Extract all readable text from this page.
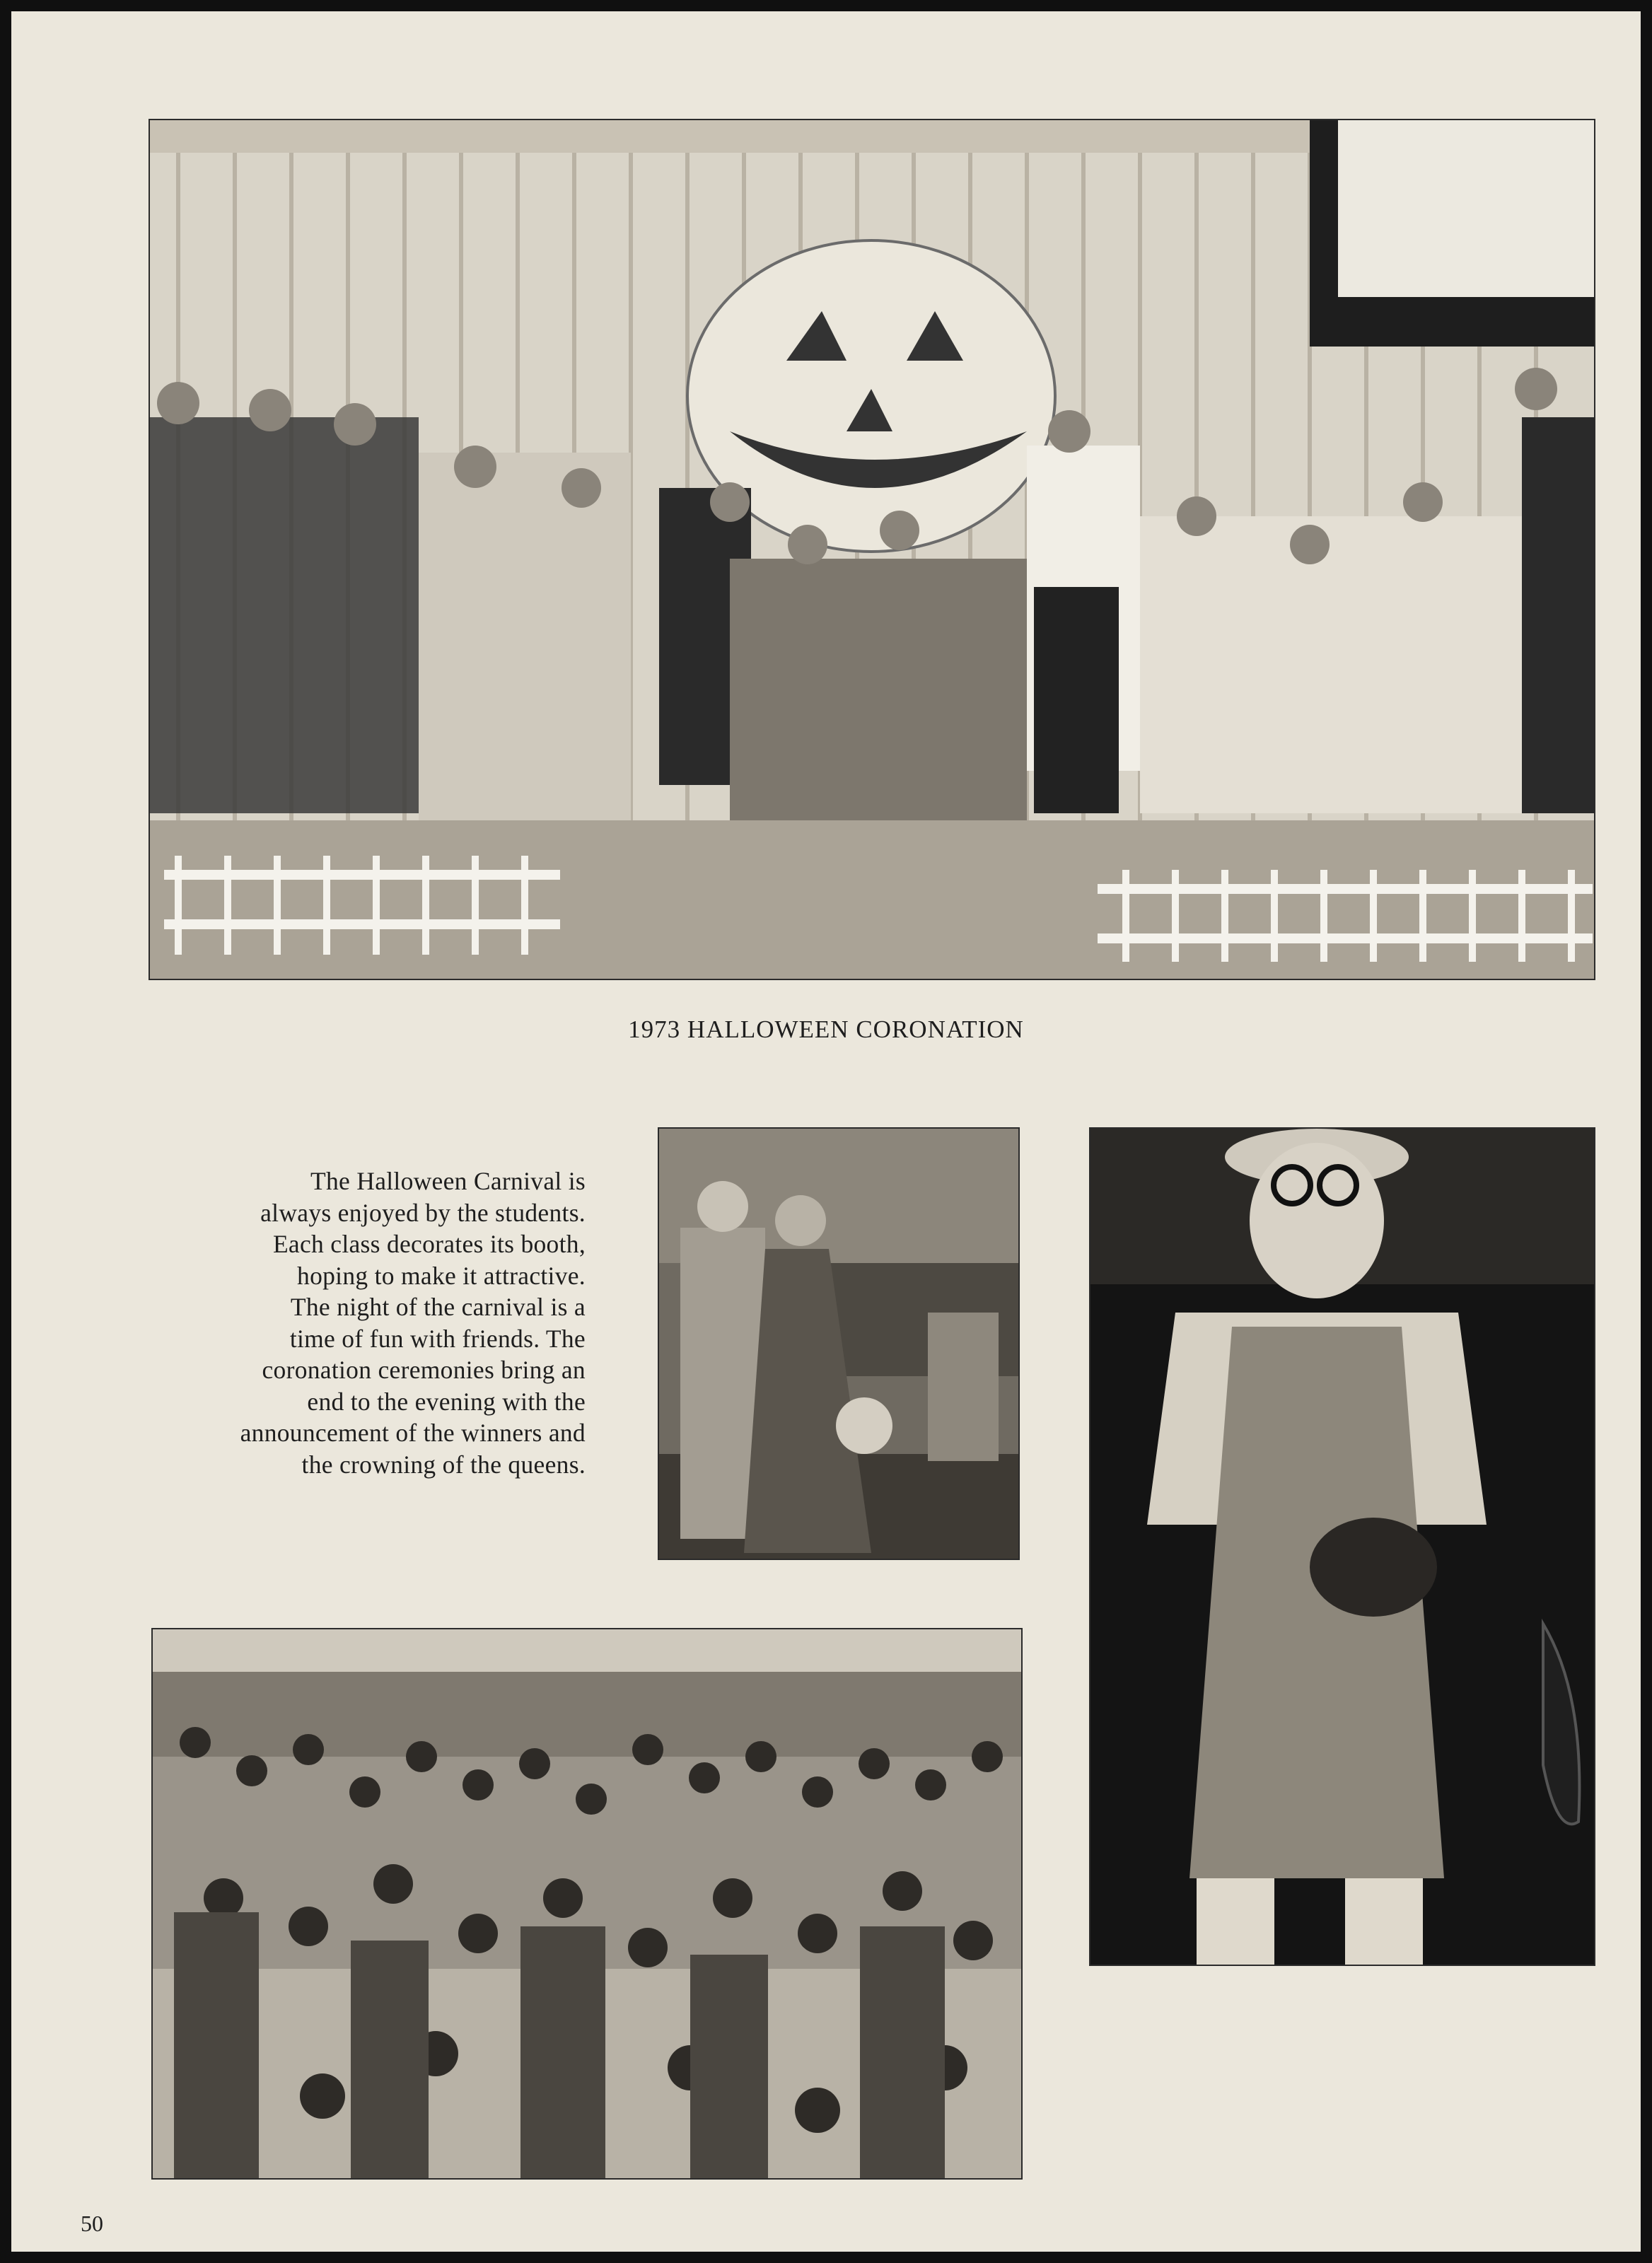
1973 HALLOWEEN CORONATION
The Halloween Carnival is
always enjoyed by the students.
Each class decorates its booth,
hoping to make it attractive.
The night of the carnival is a
time of fun with friends. The
coronation ceremonies bring an
end to the evening with the
announcement of the winners and
the crowning of the queens.
50
